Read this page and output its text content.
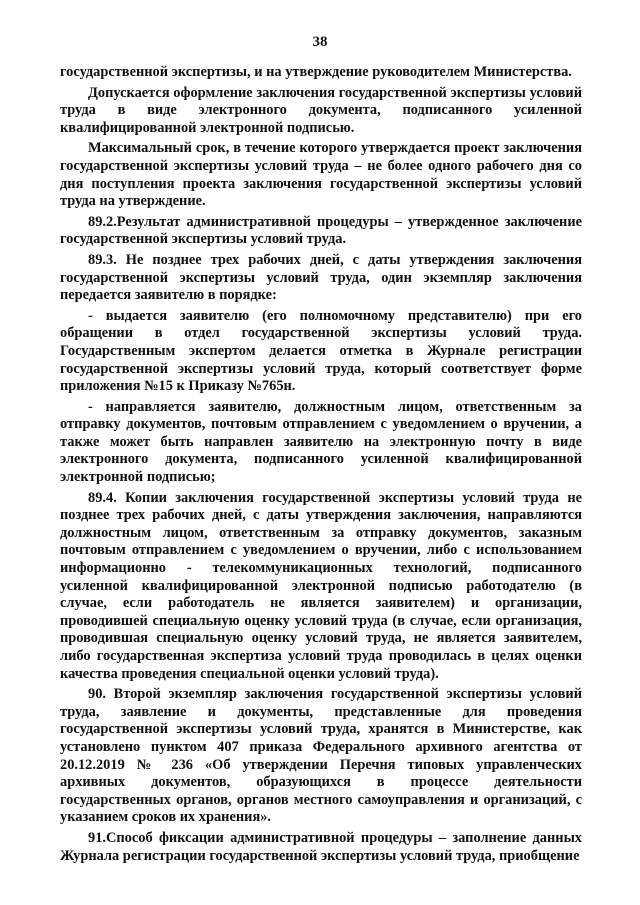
38

государственной экспертизы, и на утверждение руководителем Министерства.

Допускается оформление заключения государственной экспертизы условий труда в виде электронного документа, подписанного усиленной квалифицированной электронной подписью.

Максимальный срок, в течение которого утверждается проект заключения государственной экспертизы условий труда – не более одного рабочего дня со дня поступления проекта заключения государственной экспертизы условий труда на утверждение.

89.2.Результат административной процедуры – утвержденное заключение государственной экспертизы условий труда.

89.3. Не позднее трех рабочих дней, с даты утверждения заключения государственной экспертизы условий труда, один экземпляр заключения передается заявителю в порядке:

- выдается заявителю (его полномочному представителю) при его обращении в отдел государственной экспертизы условий труда. Государственным экспертом делается отметка в Журнале регистрации государственной экспертизы условий труда, который соответствует форме приложения №15 к Приказу №765н.

- направляется заявителю, должностным лицом, ответственным за отправку документов, почтовым отправлением с уведомлением о вручении, а также может быть направлен заявителю на электронную почту в виде электронного документа, подписанного усиленной квалифицированной электронной подписью;

89.4. Копии заключения государственной экспертизы условий труда не позднее трех рабочих дней, с даты утверждения заключения, направляются должностным лицом, ответственным за отправку документов, заказным почтовым отправлением с уведомлением о вручении, либо с использованием информационно - телекоммуникационных технологий, подписанного усиленной квалифицированной электронной подписью работодателю (в случае, если работодатель не является заявителем) и организации, проводившей специальную оценку условий труда (в случае, если организация, проводившая специальную оценку условий труда, не является заявителем, либо государственная экспертиза условий труда проводилась в целях оценки качества проведения специальной оценки условий труда).

90. Второй экземпляр заключения государственной экспертизы условий труда, заявление и документы, представленные для проведения государственной экспертизы условий труда, хранятся в Министерстве, как установлено пунктом 407 приказа Федерального архивного агентства от 20.12.2019 № 236 «Об утверждении Перечня типовых управленческих архивных документов, образующихся в процессе деятельности государственных органов, органов местного самоуправления и организаций, с указанием сроков их хранения».

91.Способ фиксации административной процедуры – заполнение данных Журнала регистрации государственной экспертизы условий труда, приобщение
